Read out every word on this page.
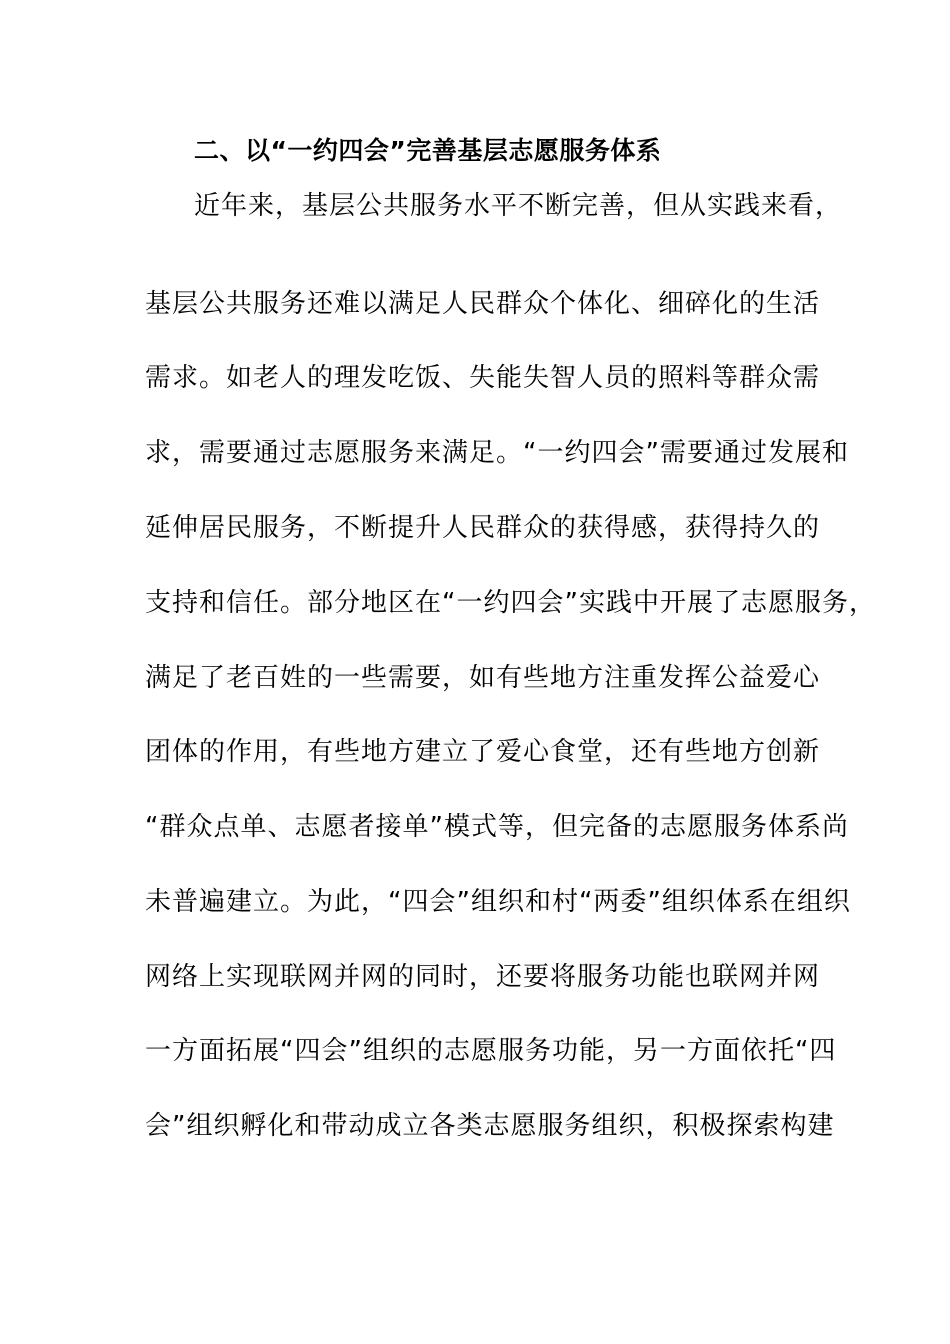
二、以“一约四会”完善基层志愿服务体系
近年来，基层公共服务水平不断完善，但从实践来看，
基层公共服务还难以满足人民群众个体化、细碎化的生活
需求。如老人的理发吃饭、失能失智人员的照料等群众需
求，需要通过志愿服务来满足。“一约四会”需要通过发展和
延伸居民服务，不断提升人民群众的获得感，获得持久的
支持和信任。部分地区在“一约四会”实践中开展了志愿服务，
满足了老百姓的一些需要，如有些地方注重发挥公益爱心
团体的作用，有些地方建立了爱心食堂，还有些地方创新
“群众点单、志愿者接单”模式等，但完备的志愿服务体系尚
未普遍建立。为此，“四会”组织和村“两委”组织体系在组织
网络上实现联网并网的同时，还要将服务功能也联网并网
一方面拓展“四会”组织的志愿服务功能，另一方面依托“四
会”组织孵化和带动成立各类志愿服务组织，积极探索构建
